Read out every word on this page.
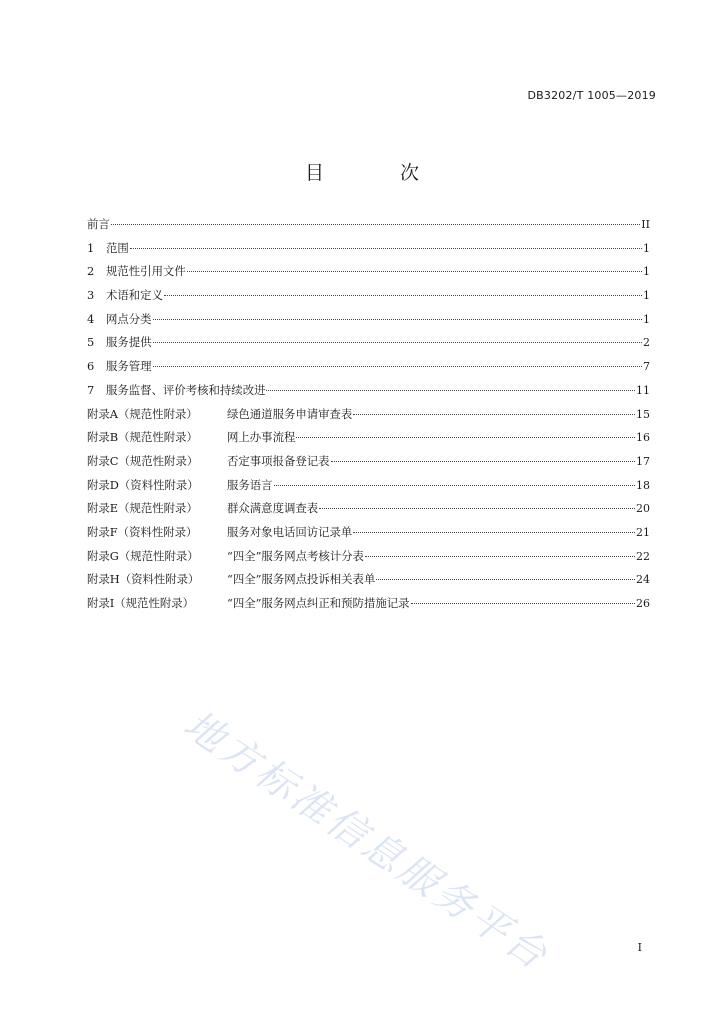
DB3202/T 1005—2019
目 次
前言	II
1	范围	1
2	规范性引用文件	1
3	术语和定义	1
4	网点分类	1
5	服务提供	2
6	服务管理	7
7	服务监督、评价考核和持续改进	11
附录A（规范性附录）	绿色通道服务申请审查表	15
附录B（规范性附录）	网上办事流程	16
附录C（规范性附录）	否定事项报备登记表	17
附录D（资料性附录）	服务语言	18
附录E（规范性附录）	群众满意度调查表	20
附录F（资料性附录）	服务对象电话回访记录单	21
附录G（规范性附录）	“四全”服务网点考核计分表	22
附录H（资料性附录）	“四全”服务网点投诉相关表单	24
附录I（规范性附录）	“四全”服务网点纠正和预防措施记录	26
地方标准信息服务平台	I
